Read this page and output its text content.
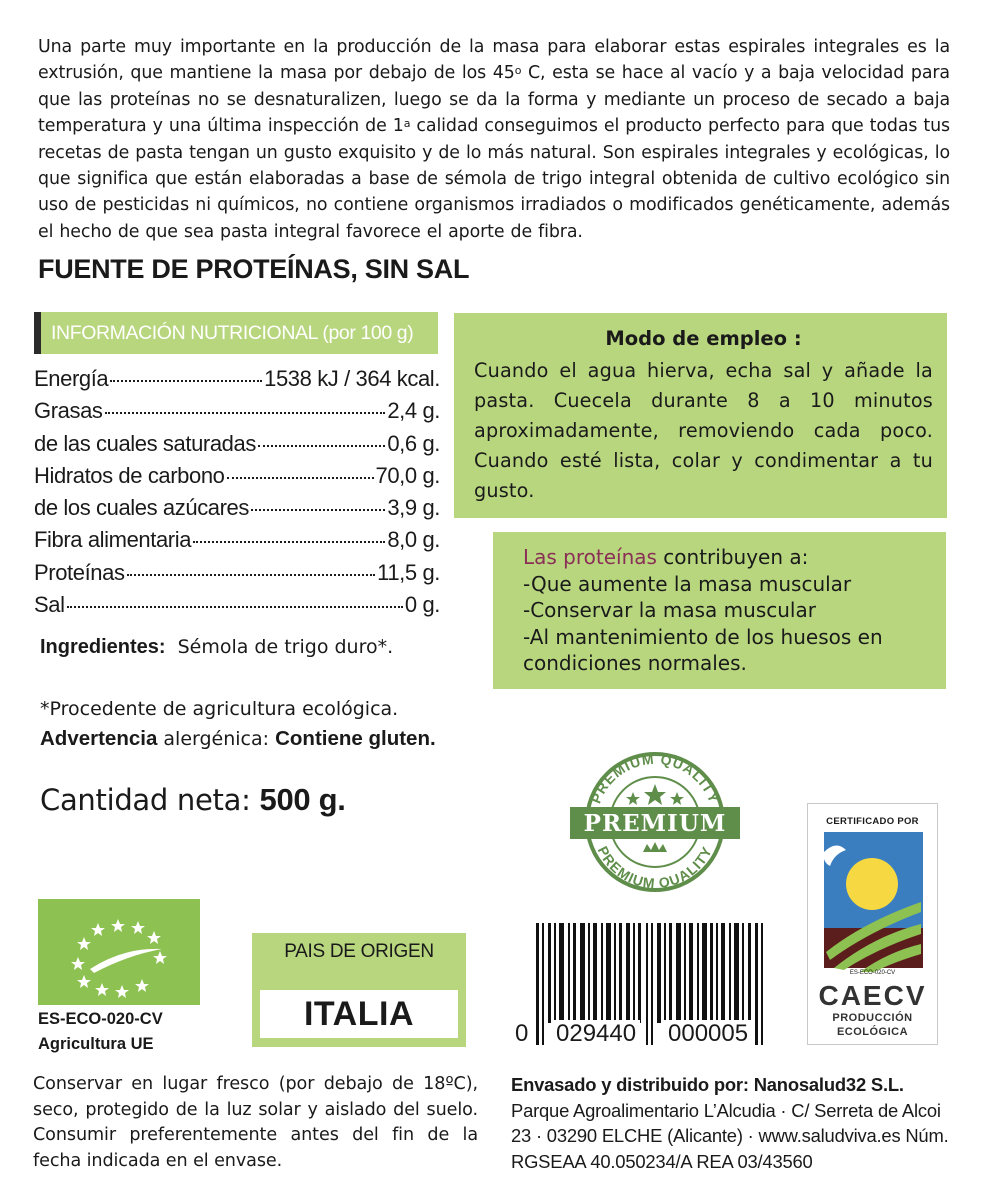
Una parte muy importante en la producción de la masa para elaborar estas espirales integrales es la extrusión, que mantiene la masa por debajo de los 45$^o$ C, esta se hace al vacío y a baja velocidad para que las proteínas no se desnaturalizen, luego se da la forma y mediante un proceso de secado a baja temperatura y una última inspección de 1$^a$ calidad conseguimos el producto perfecto para que todas tus recetas de pasta tengan un gusto exquisito y de lo más natural. Son espirales integrales y ecológicas, lo que significa que están elaboradas a base de sémola de trigo integral obtenida de cultivo ecológico sin uso de pesticidas ni químicos, no contiene organismos irradiados o modificados genéticamente, además el hecho de que sea pasta integral favorece el aporte de fibra.

FUENTE DE PROTEÍNAS, SIN SAL
INFORMACIÓN NUTRICIONAL (por 100 g)
Energía	1538 kJ / 364 kcal.
Grasas	2,4 g.
de las cuales saturadas	0,6 g.
Hidratos de carbono	70,0 g.
de los cuales azúcares	3,9 g.
Fibra alimentaria	8,0 g.
Proteínas	11,5 g.
Sal	0 g.
Ingredientes: Sémola de trigo duro*.
*Procedente de agricultura ecológica.
Advertencia alergénica: Contiene gluten.
Cantidad neta: 500 g.
Modo de empleo :
Cuando el agua hierva, echa sal y añade la pasta. Cuecela durante 8 a 10 minutos aproximadamente, removiendo cada poco. Cuando esté lista, colar y condimentar a tu gusto.
Las proteínas contribuyen a:
-Que aumente la masa muscular
-Conservar la masa muscular
-Al mantenimiento de los huesos en condiciones normales.
PREMIUM QUALITY
PREMIUM QUALITY
PREMIUM	CERTIFICADO POR
ES-ECO-020-CV
CAECV
PRODUCCIÓN
ECOLÓGICA
ES-ECO-020-CV
Agricultura UE
PAIS DE ORIGEN
ITALIA
0 029440 000005
Conservar en lugar fresco (por debajo de 18ºC), seco, protegido de la luz solar y aislado del suelo. Consumir preferentemente antes del fin de la fecha indicada en el envase.
Envasado y distribuido por: Nanosalud32 S.L.
Parque Agroalimentario L’Alcudia · C/ Serreta de Alcoi 23 · 03290 ELCHE (Alicante) · www.saludviva.es Núm. RGSEAA 40.050234/A REA 03/43560
